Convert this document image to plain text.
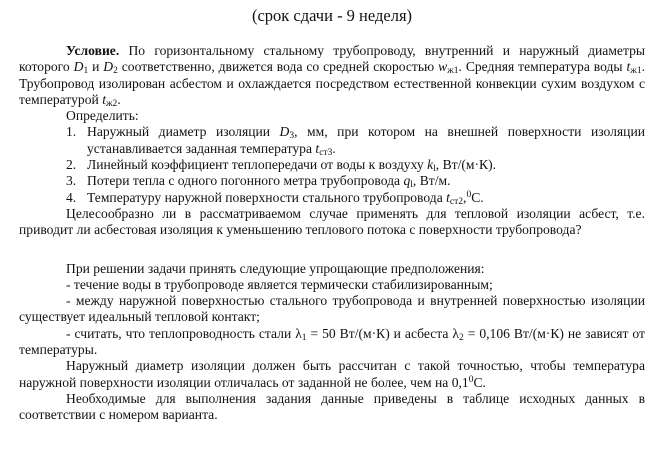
(срок сдачи - 9 неделя)

Условие. По горизонтальному стальному трубопроводу, внутренний и наружный диаметры которого $D_1$ и $D_2$ соответственно, движется вода со средней скоростью $w_{ж1}$. Средняя температура воды $t_{ж1}$. Трубопровод изолирован асбестом и охлаждается посредством естественной конвекции сухим воздухом с температурой $t_{ж2}$.

Определить:

1. Наружный диаметр изоляции $D_3$, мм, при котором на внешней поверхности изоляции устанавливается заданная температура $t_{ст3}$.
2. Линейный коэффициент теплопередачи от воды к воздуху $k_l$, Вт/(м·К).
3. Потери тепла с одного погонного метра трубопровода $q_l$, Вт/м.
4. Температуру наружной поверхности стального трубопровода $t_{ст2},^0С$.

Целесообразно ли в рассматриваемом случае применять для тепловой изоляции асбест, т.е. приводит ли асбестовая изоляция к уменьшению теплового потока с поверхности трубопровода?

При решении задачи принять следующие упрощающие предположения:

- течение воды в трубопроводе является термически стабилизированным;

- между наружной поверхностью стального трубопровода и внутренней поверхностью изоляции существует идеальный тепловой контакт;

- считать, что теплопроводность стали $\lambda_1 = 50$ Вт/(м·К) и асбеста $\lambda_2 = 0,106$ Вт/(м·К) не зависят от температуры.

Наружный диаметр изоляции должен быть рассчитан с такой точностью, чтобы температура наружной поверхности изоляции отличалась от заданной не более, чем на $0,1^0С$.

Необходимые для выполнения задания данные приведены в таблице исходных данных в соответствии с номером варианта.
